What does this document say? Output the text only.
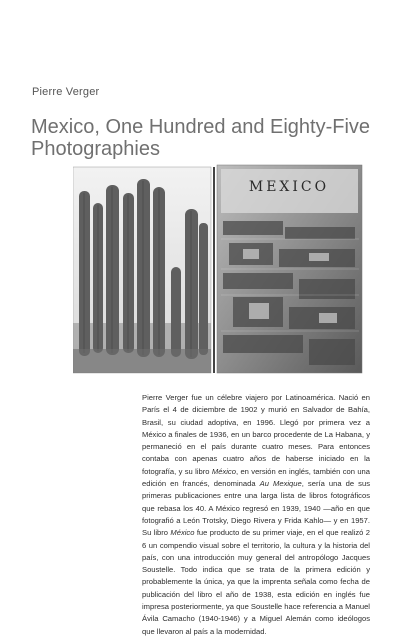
Pierre Verger
Mexico, One Hundred and Eighty-Five Photographies
MEXICO

Pierre Verger fue un célebre viajero por Latinoamérica. Nació en París el 4 de diciembre de 1902 y murió en Salvador de Bahía, Brasil, su ciudad adoptiva, en 1996. Llegó por primera vez a México a finales de 1936, en un barco procedente de La Habana, y permaneció en el país durante cuatro meses. Para entonces contaba con apenas cuatro años de haberse iniciado en la fotografía, y su libro México, en versión en inglés, también con una edición en francés, denominada Au Mexique, sería una de sus primeras publicaciones entre una larga lista de libros fotográficos que rebasa los 40. A México regresó en 1939, 1940 —año en que fotografió a León Trotsky, Diego Rivera y Frida Kahlo— y en 1957. Su libro México fue producto de su primer viaje, en el que realizó 2 6 un compendio visual sobre el territorio, la cultura y la historia del país, con una introducción muy general del antropólogo Jacques Soustelle. Todo indica que se trata de la primera edición y probablemente la única, ya que la imprenta señala como fecha de publicación del libro el año de 1938, esta edición en inglés fue impresa posteriormente, ya que Soustelle hace referencia a Manuel Ávila Camacho (1940-1946) y a Miguel Alemán como ideólogos que llevaron al país a la modernidad.
